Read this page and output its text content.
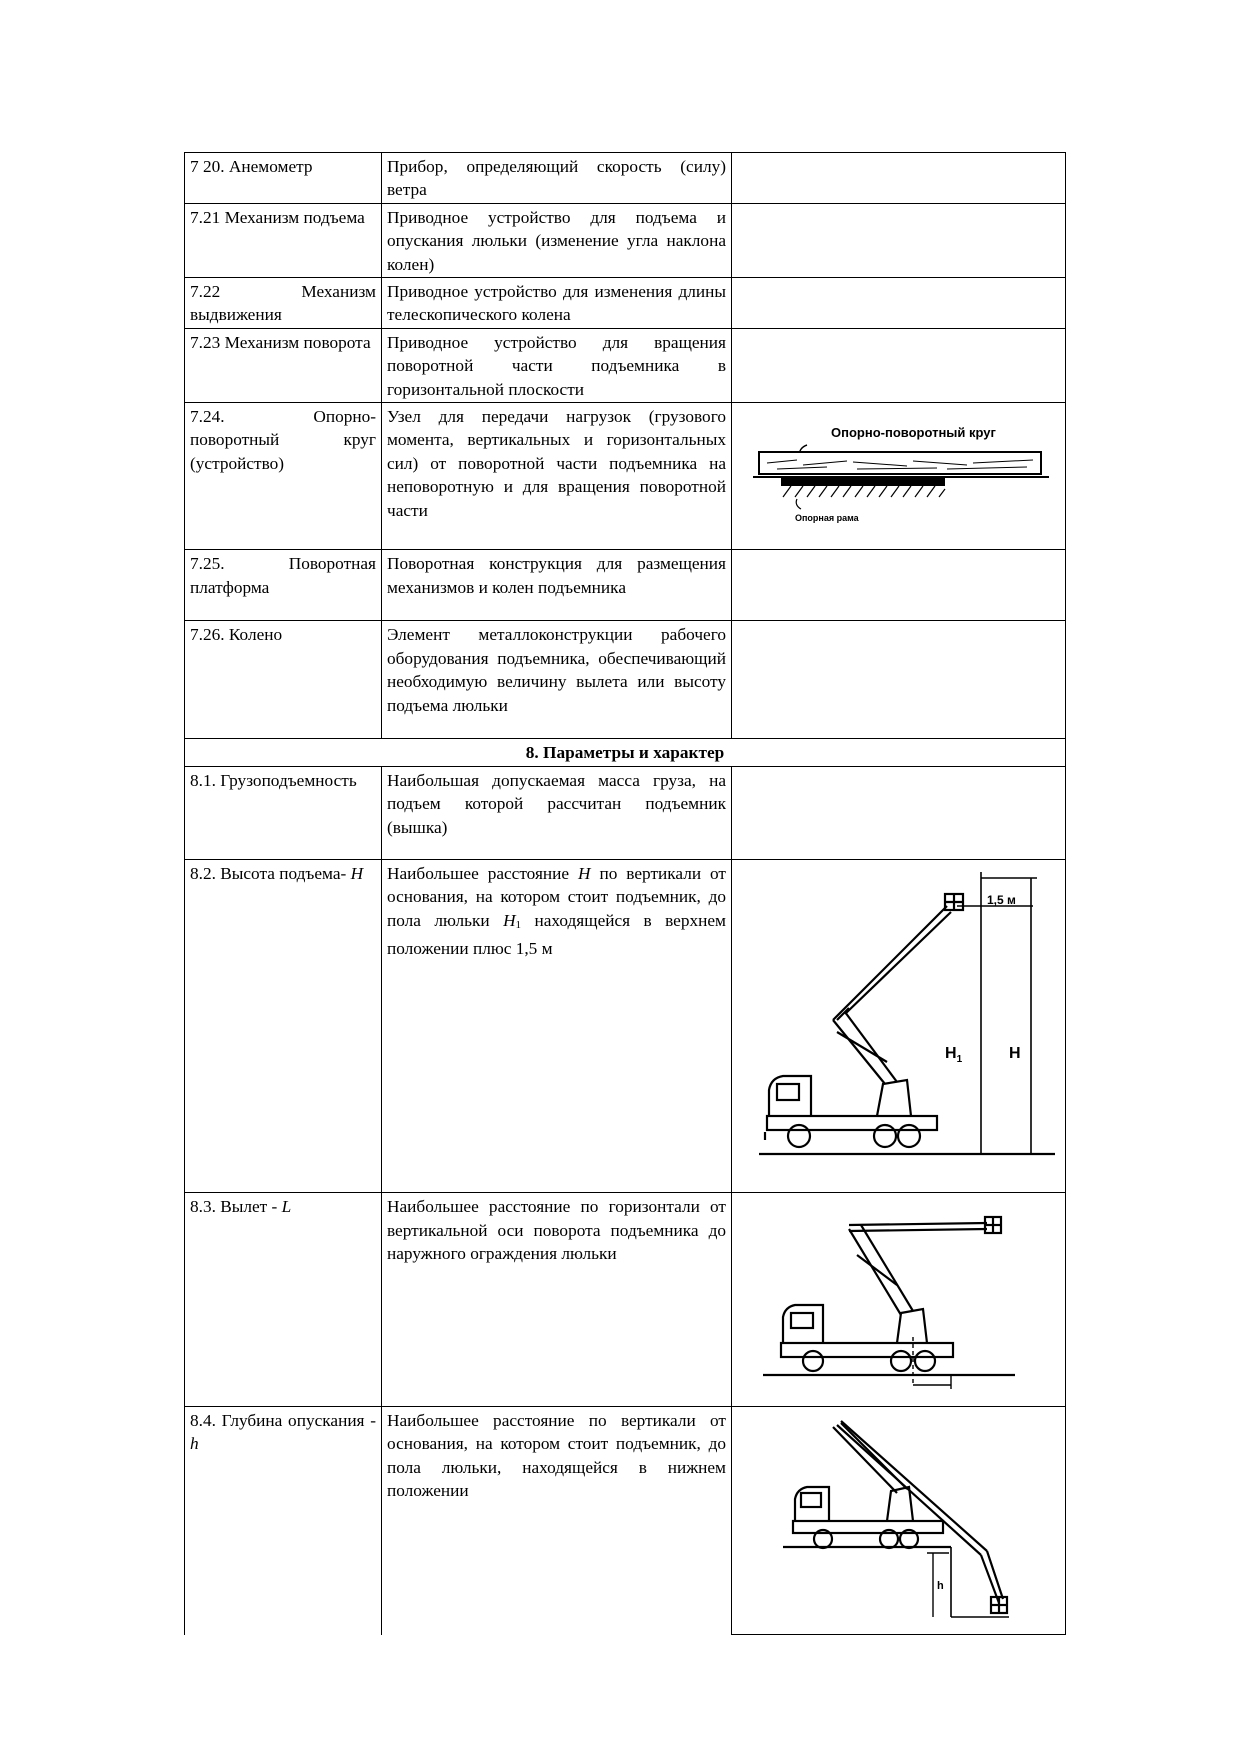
7 20. Анемометр	Прибор, определяющий скорость (силу) ветра	
7.21 Механизм подъема	Приводное устройство для подъема и опускания люльки (изменение угла наклона колен)	
7.22 Механизм выдвижения	Приводное устройство для изменения длины телескопического колена	
7.23 Механизм поворота	Приводное устройство для вращения поворотной части подъемника в горизонтальной плоскости	
7.24. Опорно-поворотный круг (устройство)	Узел для передачи нагрузок (грузового момента, вертикальных и горизонтальных сил) от поворотной части подъемника на неповоротную и для вращения поворотной части	Опорно-поворотный круг
Опорная рама

7.25. Поворотная платформа	Поворотная конструкция для размещения механизмов и колен подъемника	
7.26. Колено	Элемент металлоконструкции рабочего оборудования подъемника, обеспечивающий необходимую величину вылета или высоту подъема люльки	
8. Параметры и характер		
8.1. Грузоподъемность	Наибольшая допускаемая масса груза, на подъем которой рассчитан подъемник (вышка)	
8.2. Высота подъема- H	Наибольшее расстояние H по вертикали от основания, на котором стоит подъемник, до пола люльки $H_1$ находящейся в верхнем положении плюс 1,5 м	1,5 м
$H_1$ H

8.3. Вылет - L	Наибольшее расстояние по горизонтали от вертикальной оси поворота подъемника до наружного ограждения люльки	
8.4. Глубина опускания - h	Наибольшее расстояние по вертикали от основания, на котором стоит подъемник, до пола люльки, находящейся в нижнем положении	h
